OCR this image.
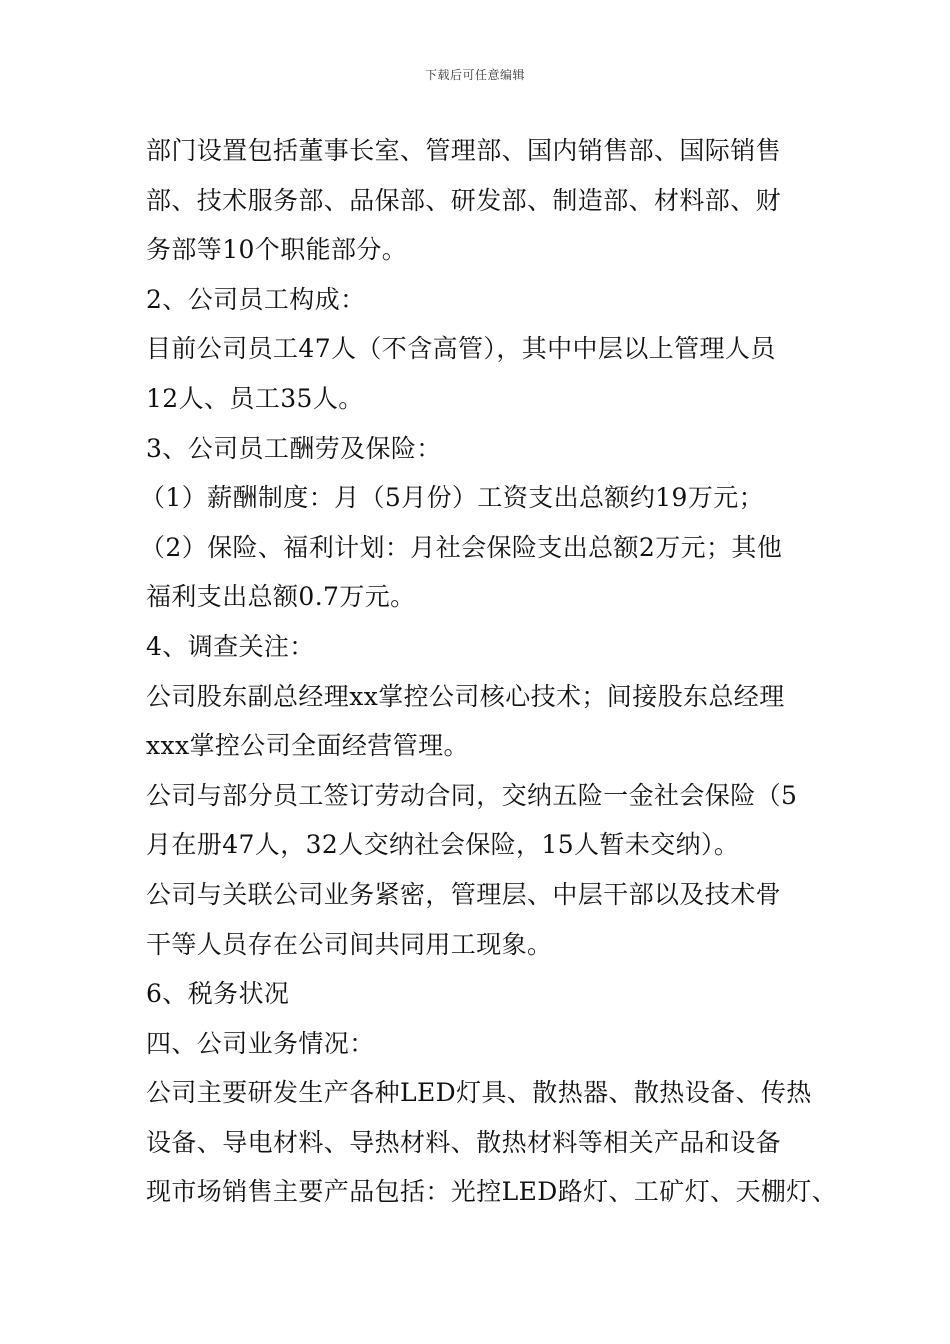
下载后可任意编辑
部门设置包括董事长室、管理部、国内销售部、国际销售
部、技术服务部、品保部、研发部、制造部、材料部、财
务部等10个职能部分。
2、公司员工构成：
目前公司员工47人（不含高管），其中中层以上管理人员
12人、员工35人。
3、公司员工酬劳及保险：
（1）薪酬制度：月（5月份）工资支出总额约19万元；
（2）保险、福利计划：月社会保险支出总额2万元；其他
福利支出总额0.7万元。
4、调查关注：
公司股东副总经理xx掌控公司核心技术；间接股东总经理
xxx掌控公司全面经营管理。
公司与部分员工签订劳动合同，交纳五险一金社会保险（5
月在册47人，32人交纳社会保险，15人暂未交纳）。
公司与关联公司业务紧密，管理层、中层干部以及技术骨
干等人员存在公司间共同用工现象。
6、税务状况
四、公司业务情况：
公司主要研发生产各种LED灯具、散热器、散热设备、传热
设备、导电材料、导热材料、散热材料等相关产品和设备
现市场销售主要产品包括：光控LED路灯、工矿灯、天棚灯、
